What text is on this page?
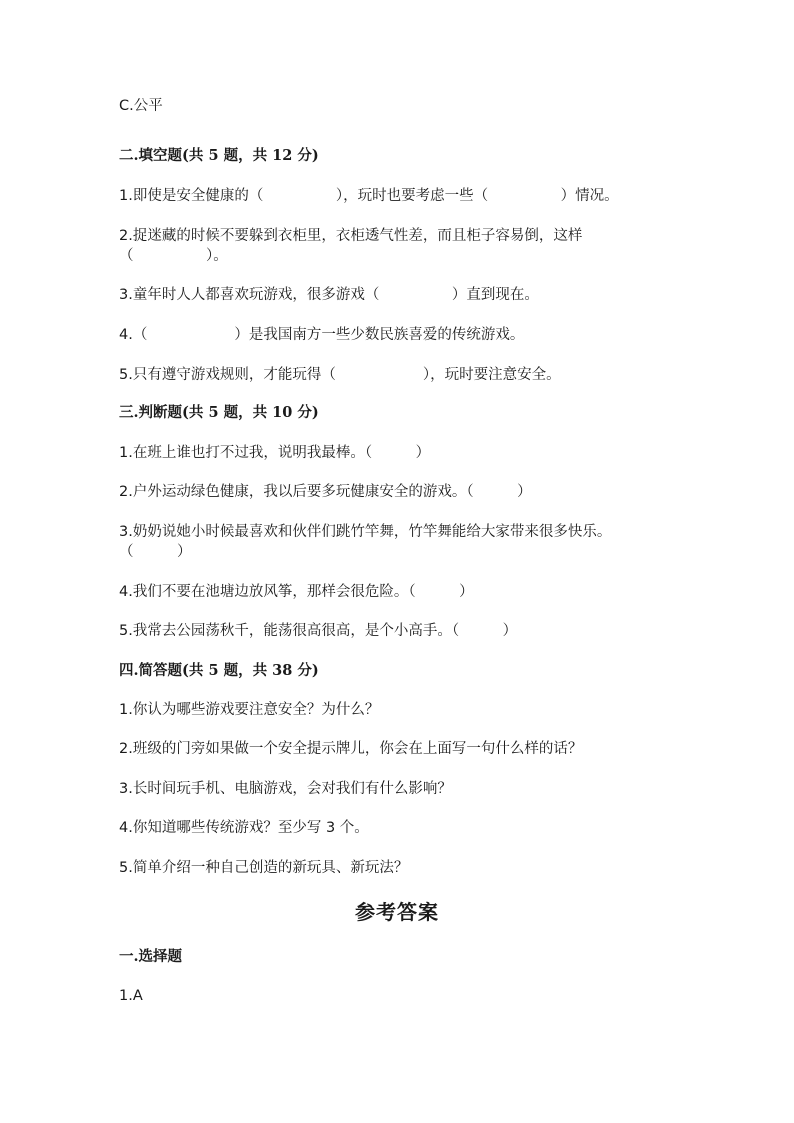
C.公平
二.填空题(共 5 题，共 12 分)
1.即使是安全健康的（　　　　　），玩时也要考虑一些（　　　　　）情况。
2.捉迷藏的时候不要躲到衣柜里，衣柜透气性差，而且柜子容易倒，这样
（　　　　　）。
3.童年时人人都喜欢玩游戏，很多游戏（　　　　　）直到现在。
4.（　　　　　　）是我国南方一些少数民族喜爱的传统游戏。
5.只有遵守游戏规则，才能玩得（　　　　　　），玩时要注意安全。
三.判断题(共 5 题，共 10 分)
1.在班上谁也打不过我，说明我最棒。（　　　）
2.户外运动绿色健康，我以后要多玩健康安全的游戏。（　　　）
3.奶奶说她小时候最喜欢和伙伴们跳竹竿舞，竹竿舞能给大家带来很多快乐。
（　　　）
4.我们不要在池塘边放风筝，那样会很危险。（　　　）
5.我常去公园荡秋千，能荡很高很高，是个小高手。（　　　）
四.简答题(共 5 题，共 38 分)
1.你认为哪些游戏要注意安全？为什么？
2.班级的门旁如果做一个安全提示牌儿，你会在上面写一句什么样的话？
3.长时间玩手机、电脑游戏，会对我们有什么影响？
4.你知道哪些传统游戏？至少写 3 个。
5.简单介绍一种自己创造的新玩具、新玩法？
参考答案
一.选择题
1.A
